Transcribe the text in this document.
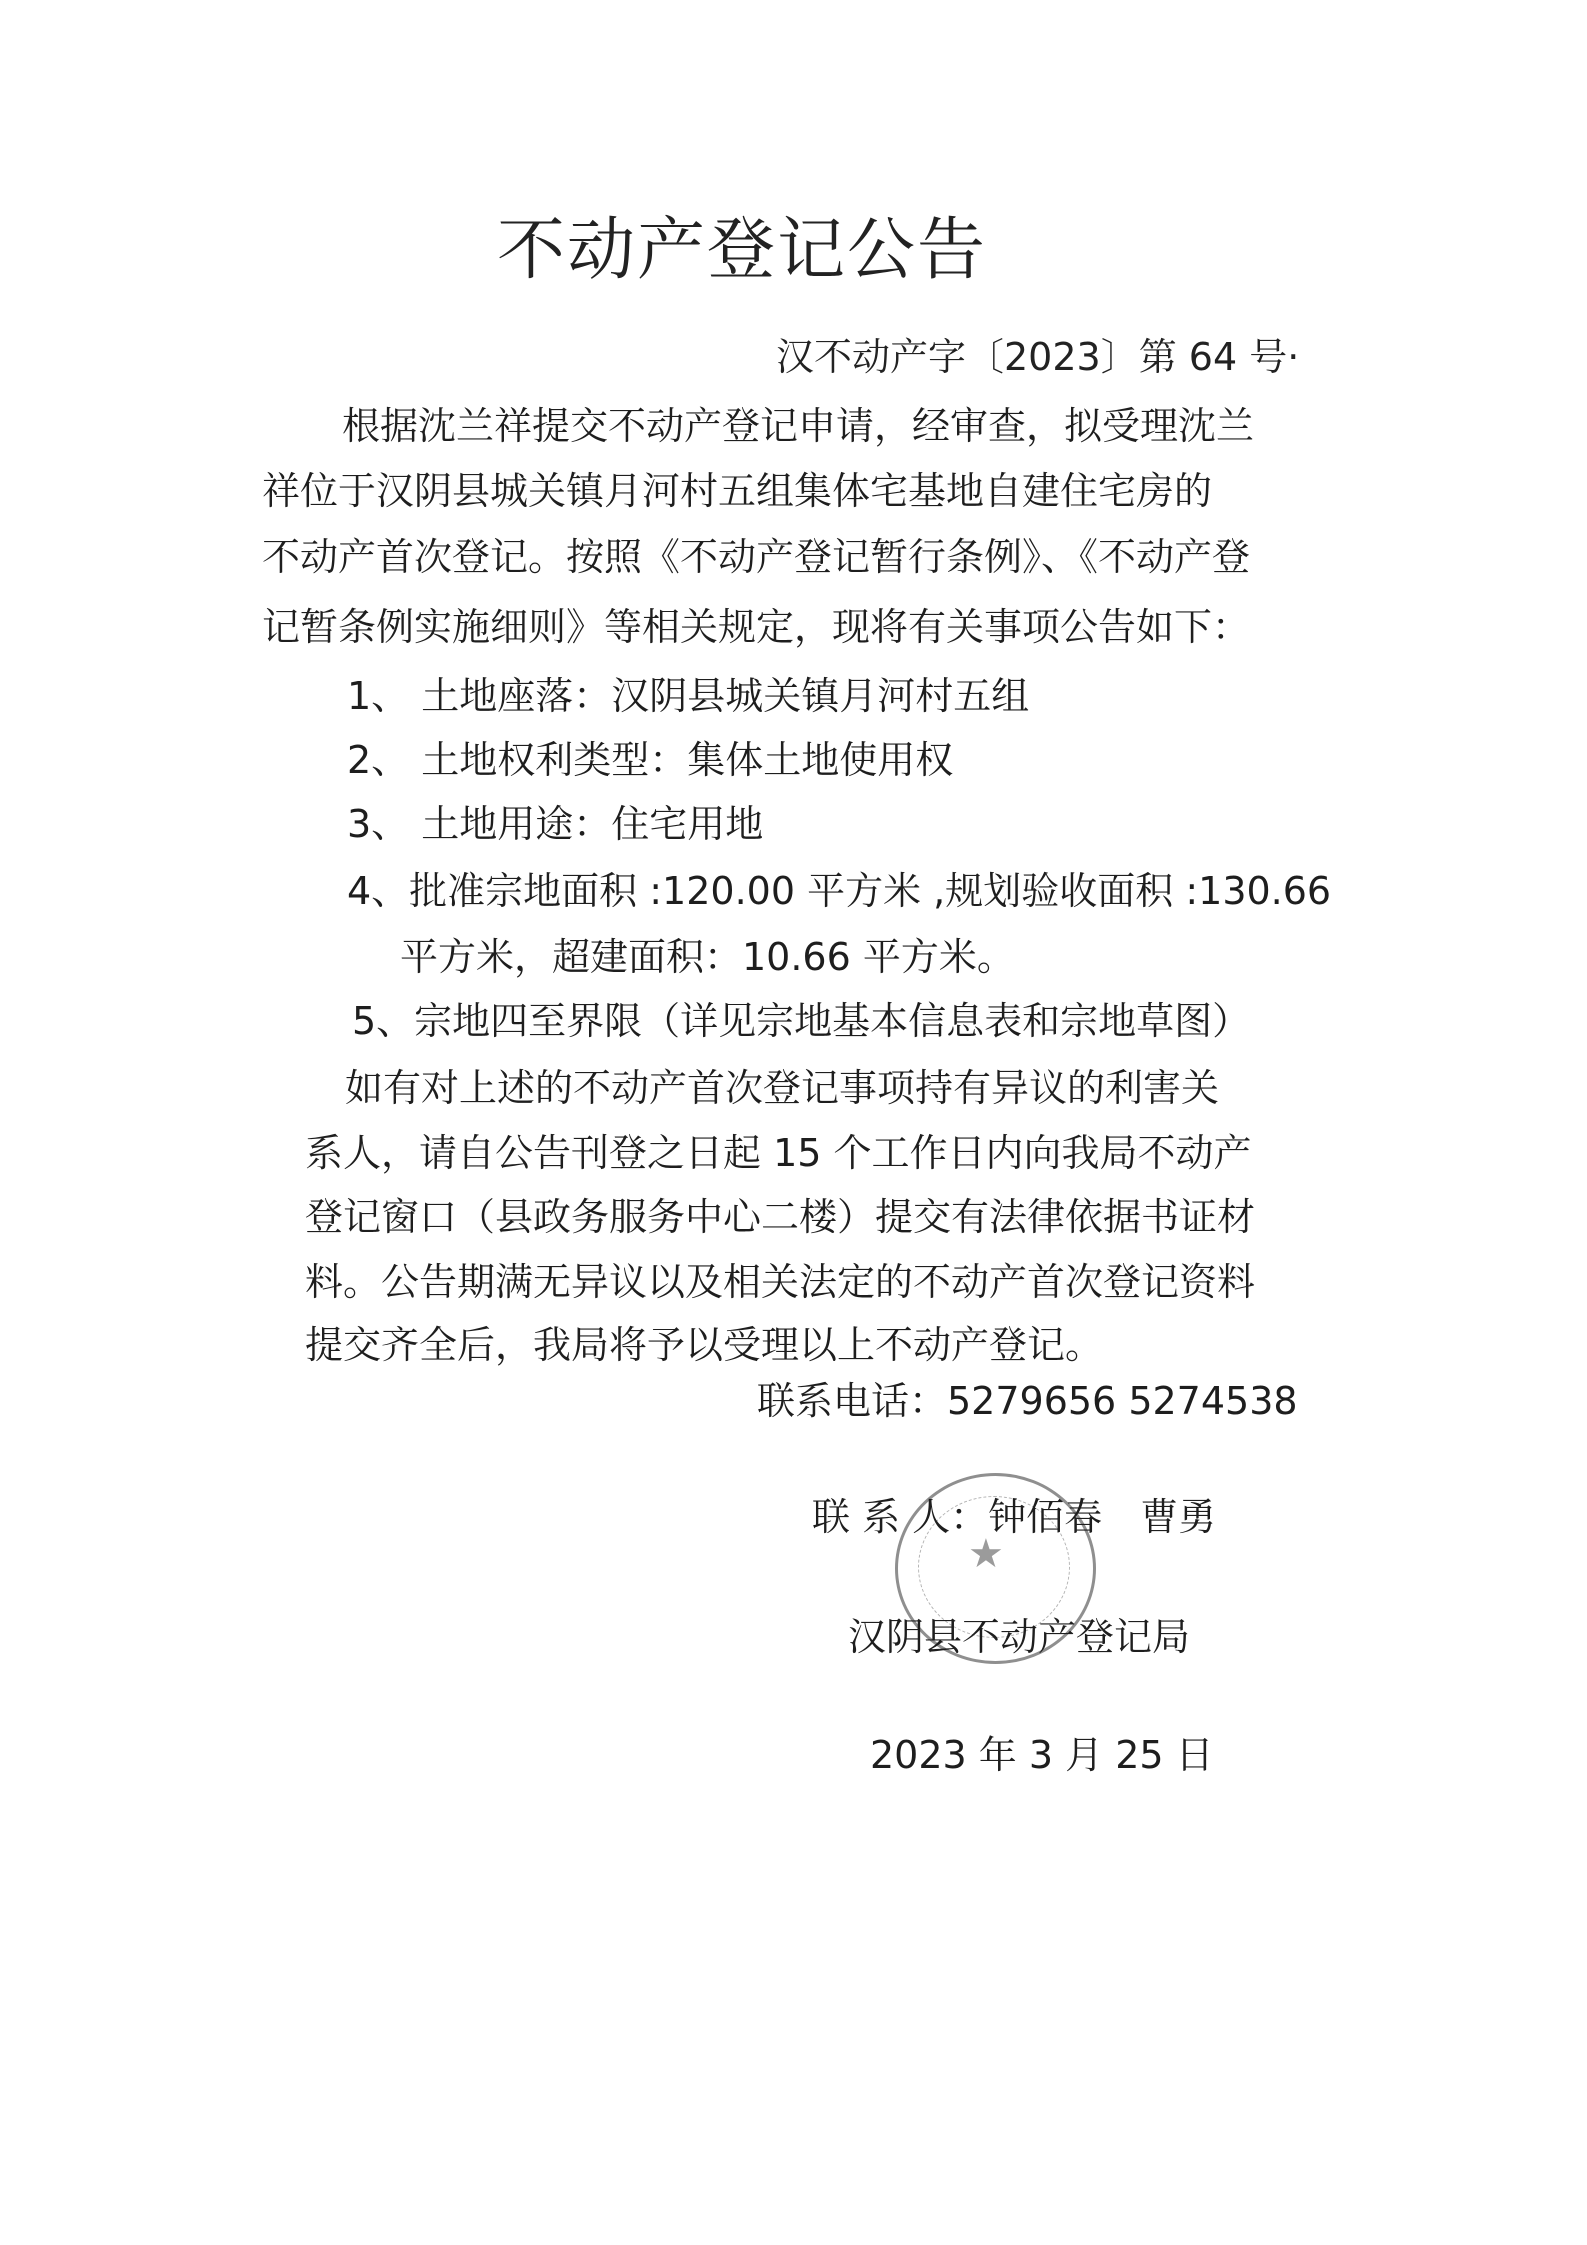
不动产登记公告
汉不动产字〔2023〕第 64 号·
根据沈兰祥提交不动产登记申请，经审查，拟受理沈兰
祥位于汉阴县城关镇月河村五组集体宅基地自建住宅房的
不动产首次登记。按照《不动产登记暂行条例》、《不动产登
记暂条例实施细则》等相关规定，现将有关事项公告如下：
1、 土地座落：汉阴县城关镇月河村五组
2、 土地权利类型：集体土地使用权
3、 土地用途：住宅用地
4、批准宗地面积 :120.00 平方米 ,规划验收面积 :130.66
平方米，超建面积：10.66 平方米。
5、宗地四至界限（详见宗地基本信息表和宗地草图）
如有对上述的不动产首次登记事项持有异议的利害关
系人，请自公告刊登之日起 15 个工作日内向我局不动产
登记窗口（县政务服务中心二楼）提交有法律依据书证材
料。公告期满无异议以及相关法定的不动产首次登记资料
提交齐全后，我局将予以受理以上不动产登记。
联系电话：5279656 5274538
★
联 系 人：钟佰春　曹勇
汉阴县不动产登记局
2023 年 3 月 25 日
